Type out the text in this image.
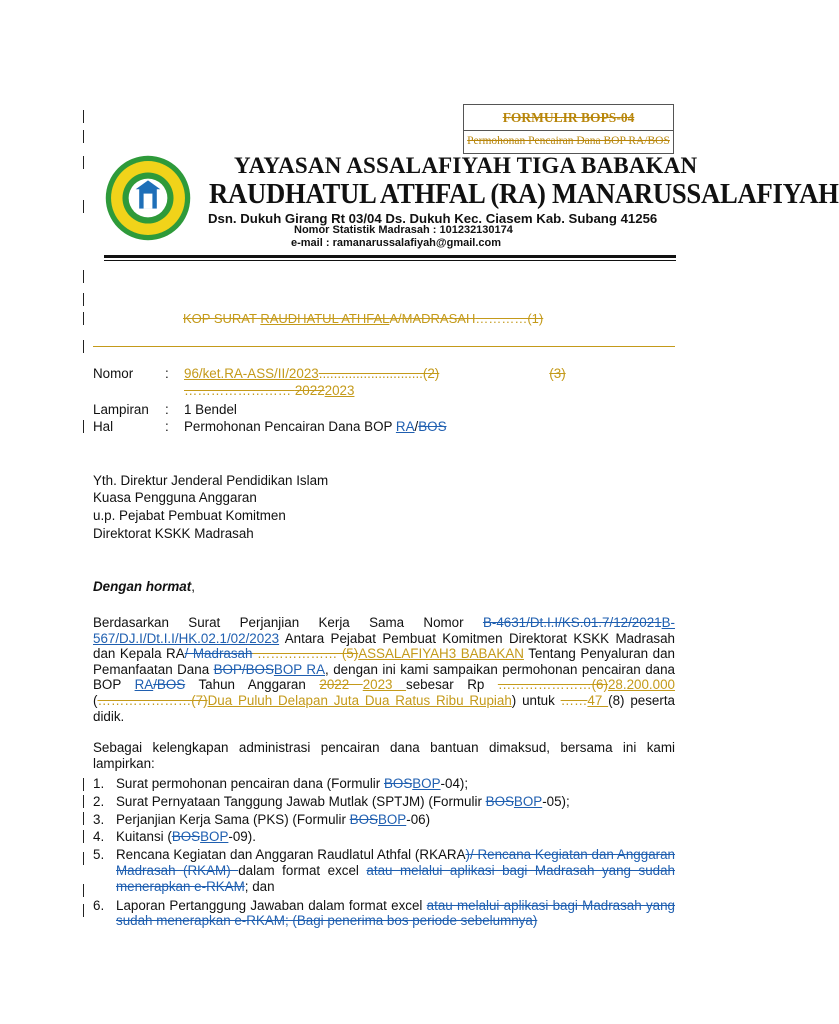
FORMULIR BOPS-04
Permohonan Pencairan Dana BOP RA/BOS
YAYASAN ASSALAFIYAH TIGA BABAKAN
RAUDHATUL ATHFAL (RA) MANARUSSALAFIYAH
Dsn. Dukuh Girang Rt 03/04 Ds. Dukuh Kec. Ciasem Kab. Subang 41256
Nomor Statistik Madrasah : 101232130174
e-mail : ramanarussalafiyah@gmail.com
KOP SURAT RAUDHATUL ATHFALA/MADRASAH…………(1)
Nomor : 96/ket.RA-ASS/II/2023............................(2)	(3)
…………………… 20222023
Lampiran : 1 Bendel
Hal	: Permohonan Pencairan Dana BOP RA/BOS
Yth. Direktur Jenderal Pendidikan Islam
Kuasa Pengguna Anggaran
u.p. Pejabat Pembuat Komitmen
Direktorat KSKK Madrasah
Dengan hormat,
Berdasarkan Surat Perjanjian Kerja Sama Nomor B-4631/Dt.I.I/KS.01.7/12/2021B-567/DJ.I/Dt.I.I/HK.02.1/02/2023 Antara Pejabat Pembuat Komitmen Direktorat KSKK Madrasah dan Kepala RA/ Madrasah ……………… (5)ASSALAFIYAH3 BABAKAN Tentang Penyaluran dan Pemanfaatan Dana BOP/BOSBOP RA, dengan ini kami sampaikan permohonan pencairan dana BOP RA/BOS Tahun Anggaran 2022 2023 sebesar Rp …………………(6)28.200.000 (…………………(7)Dua Puluh Delapan Juta Dua Ratus Ribu Rupiah) untuk ……47 (8) peserta didik.
Sebagai kelengkapan administrasi pencairan dana bantuan dimaksud, bersama ini kami lampirkan:
1. Surat permohonan pencairan dana (Formulir BOSBOP-04);
2. Surat Pernyataan Tanggung Jawab Mutlak (SPTJM) (Formulir BOSBOP-05);
3. Perjanjian Kerja Sama (PKS) (Formulir BOSBOP-06)
4. Kuitansi (BOSBOP-09).
5. Rencana Kegiatan dan Anggaran Raudlatul Athfal (RKARA)/ Rencana Kegiatan dan Anggaran Madrasah (RKAM) dalam format excel atau melalui aplikasi bagi Madrasah yang sudah menerapkan e-RKAM; dan
6. Laporan Pertanggung Jawaban dalam format excel atau melalui aplikasi bagi Madrasah yang sudah menerapkan e-RKAM; (Bagi penerima bos periode sebelumnya)
